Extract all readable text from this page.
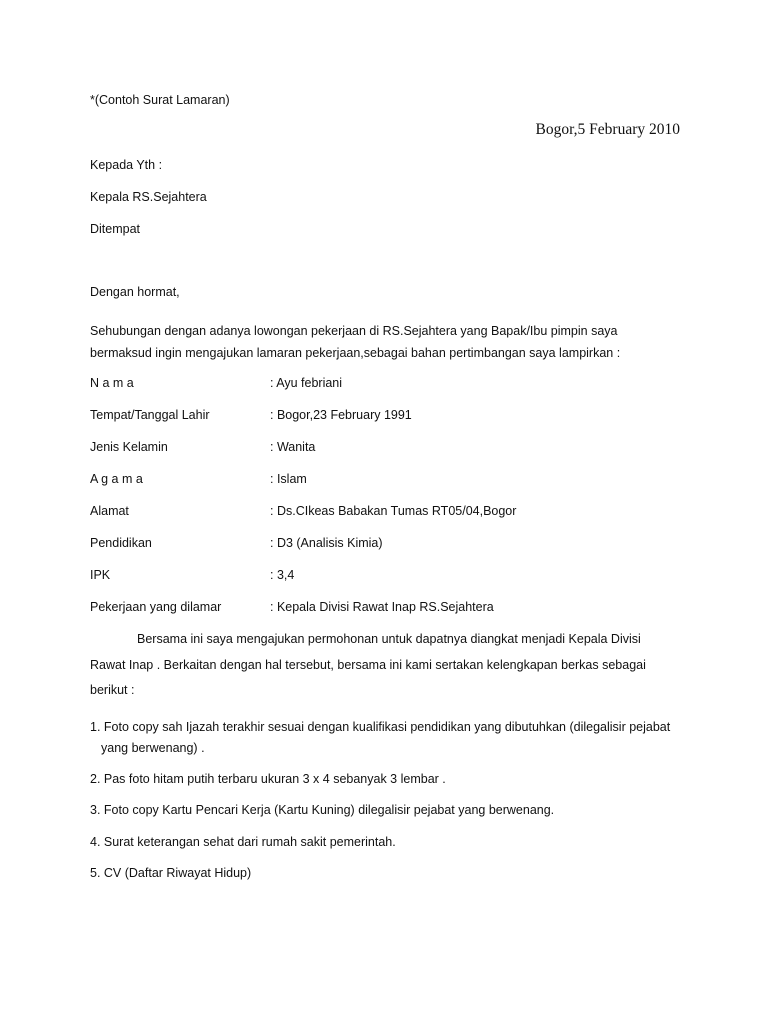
*(Contoh Surat Lamaran)
Bogor,5 February 2010
Kepada Yth :
Kepala RS.Sejahtera
Ditempat
Dengan hormat,
Sehubungan dengan adanya lowongan pekerjaan di RS.Sejahtera yang Bapak/Ibu pimpin saya
bermaksud ingin mengajukan lamaran pekerjaan,sebagai bahan pertimbangan saya lampirkan :
N a m a	: Ayu febriani
Tempat/Tanggal Lahir	: Bogor,23 February 1991
Jenis Kelamin	: Wanita
A g a m a	: Islam
Alamat	: Ds.CIkeas Babakan Tumas RT05/04,Bogor
Pendidikan	: D3 (Analisis Kimia)
IPK	: 3,4
Pekerjaan yang dilamar	: Kepala Divisi Rawat Inap RS.Sejahtera
Bersama ini saya mengajukan permohonan untuk dapatnya diangkat menjadi Kepala Divisi
Rawat Inap . Berkaitan dengan hal tersebut, bersama ini kami sertakan kelengkapan berkas sebagai
berikut :
1. Foto copy sah Ijazah terakhir sesuai dengan kualifikasi pendidikan yang dibutuhkan (dilegalisir pejabat
yang berwenang) .
2. Pas foto hitam putih terbaru ukuran 3 x 4 sebanyak 3 lembar .
3. Foto copy Kartu Pencari Kerja (Kartu Kuning) dilegalisir pejabat yang berwenang.
4. Surat keterangan sehat dari rumah sakit pemerintah.
5. CV (Daftar Riwayat Hidup)
